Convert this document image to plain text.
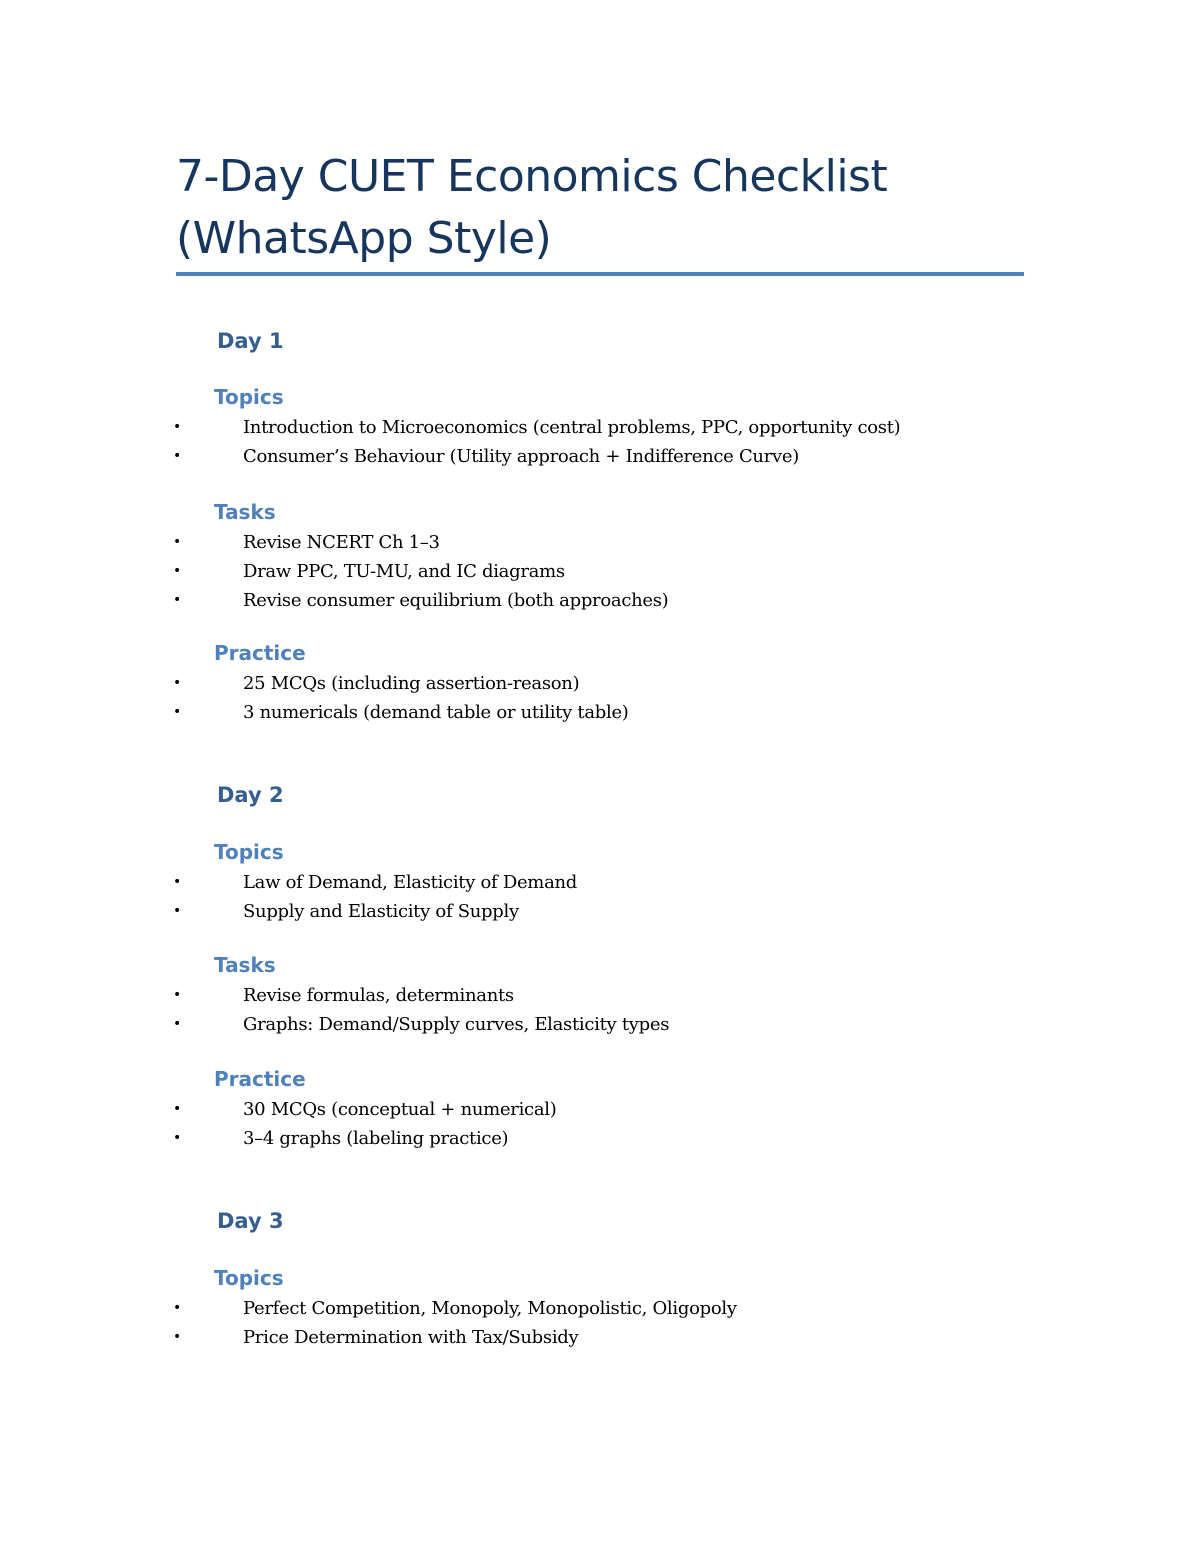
7-Day CUET Economics Checklist (WhatsApp Style)
Day 1
Topics
•	Introduction to Microeconomics (central problems, PPC, opportunity cost)
•	Consumer’s Behaviour (Utility approach + Indifference Curve)
Tasks
•	Revise NCERT Ch 1–3
•	Draw PPC, TU-MU, and IC diagrams
•	Revise consumer equilibrium (both approaches)
Practice
•	25 MCQs (including assertion-reason)
•	3 numericals (demand table or utility table)
Day 2
Topics
•	Law of Demand, Elasticity of Demand
•	Supply and Elasticity of Supply
Tasks
•	Revise formulas, determinants
•	Graphs: Demand/Supply curves, Elasticity types
Practice
•	30 MCQs (conceptual + numerical)
•	3–4 graphs (labeling practice)
Day 3
Topics
•	Perfect Competition, Monopoly, Monopolistic, Oligopoly
•	Price Determination with Tax/Subsidy
